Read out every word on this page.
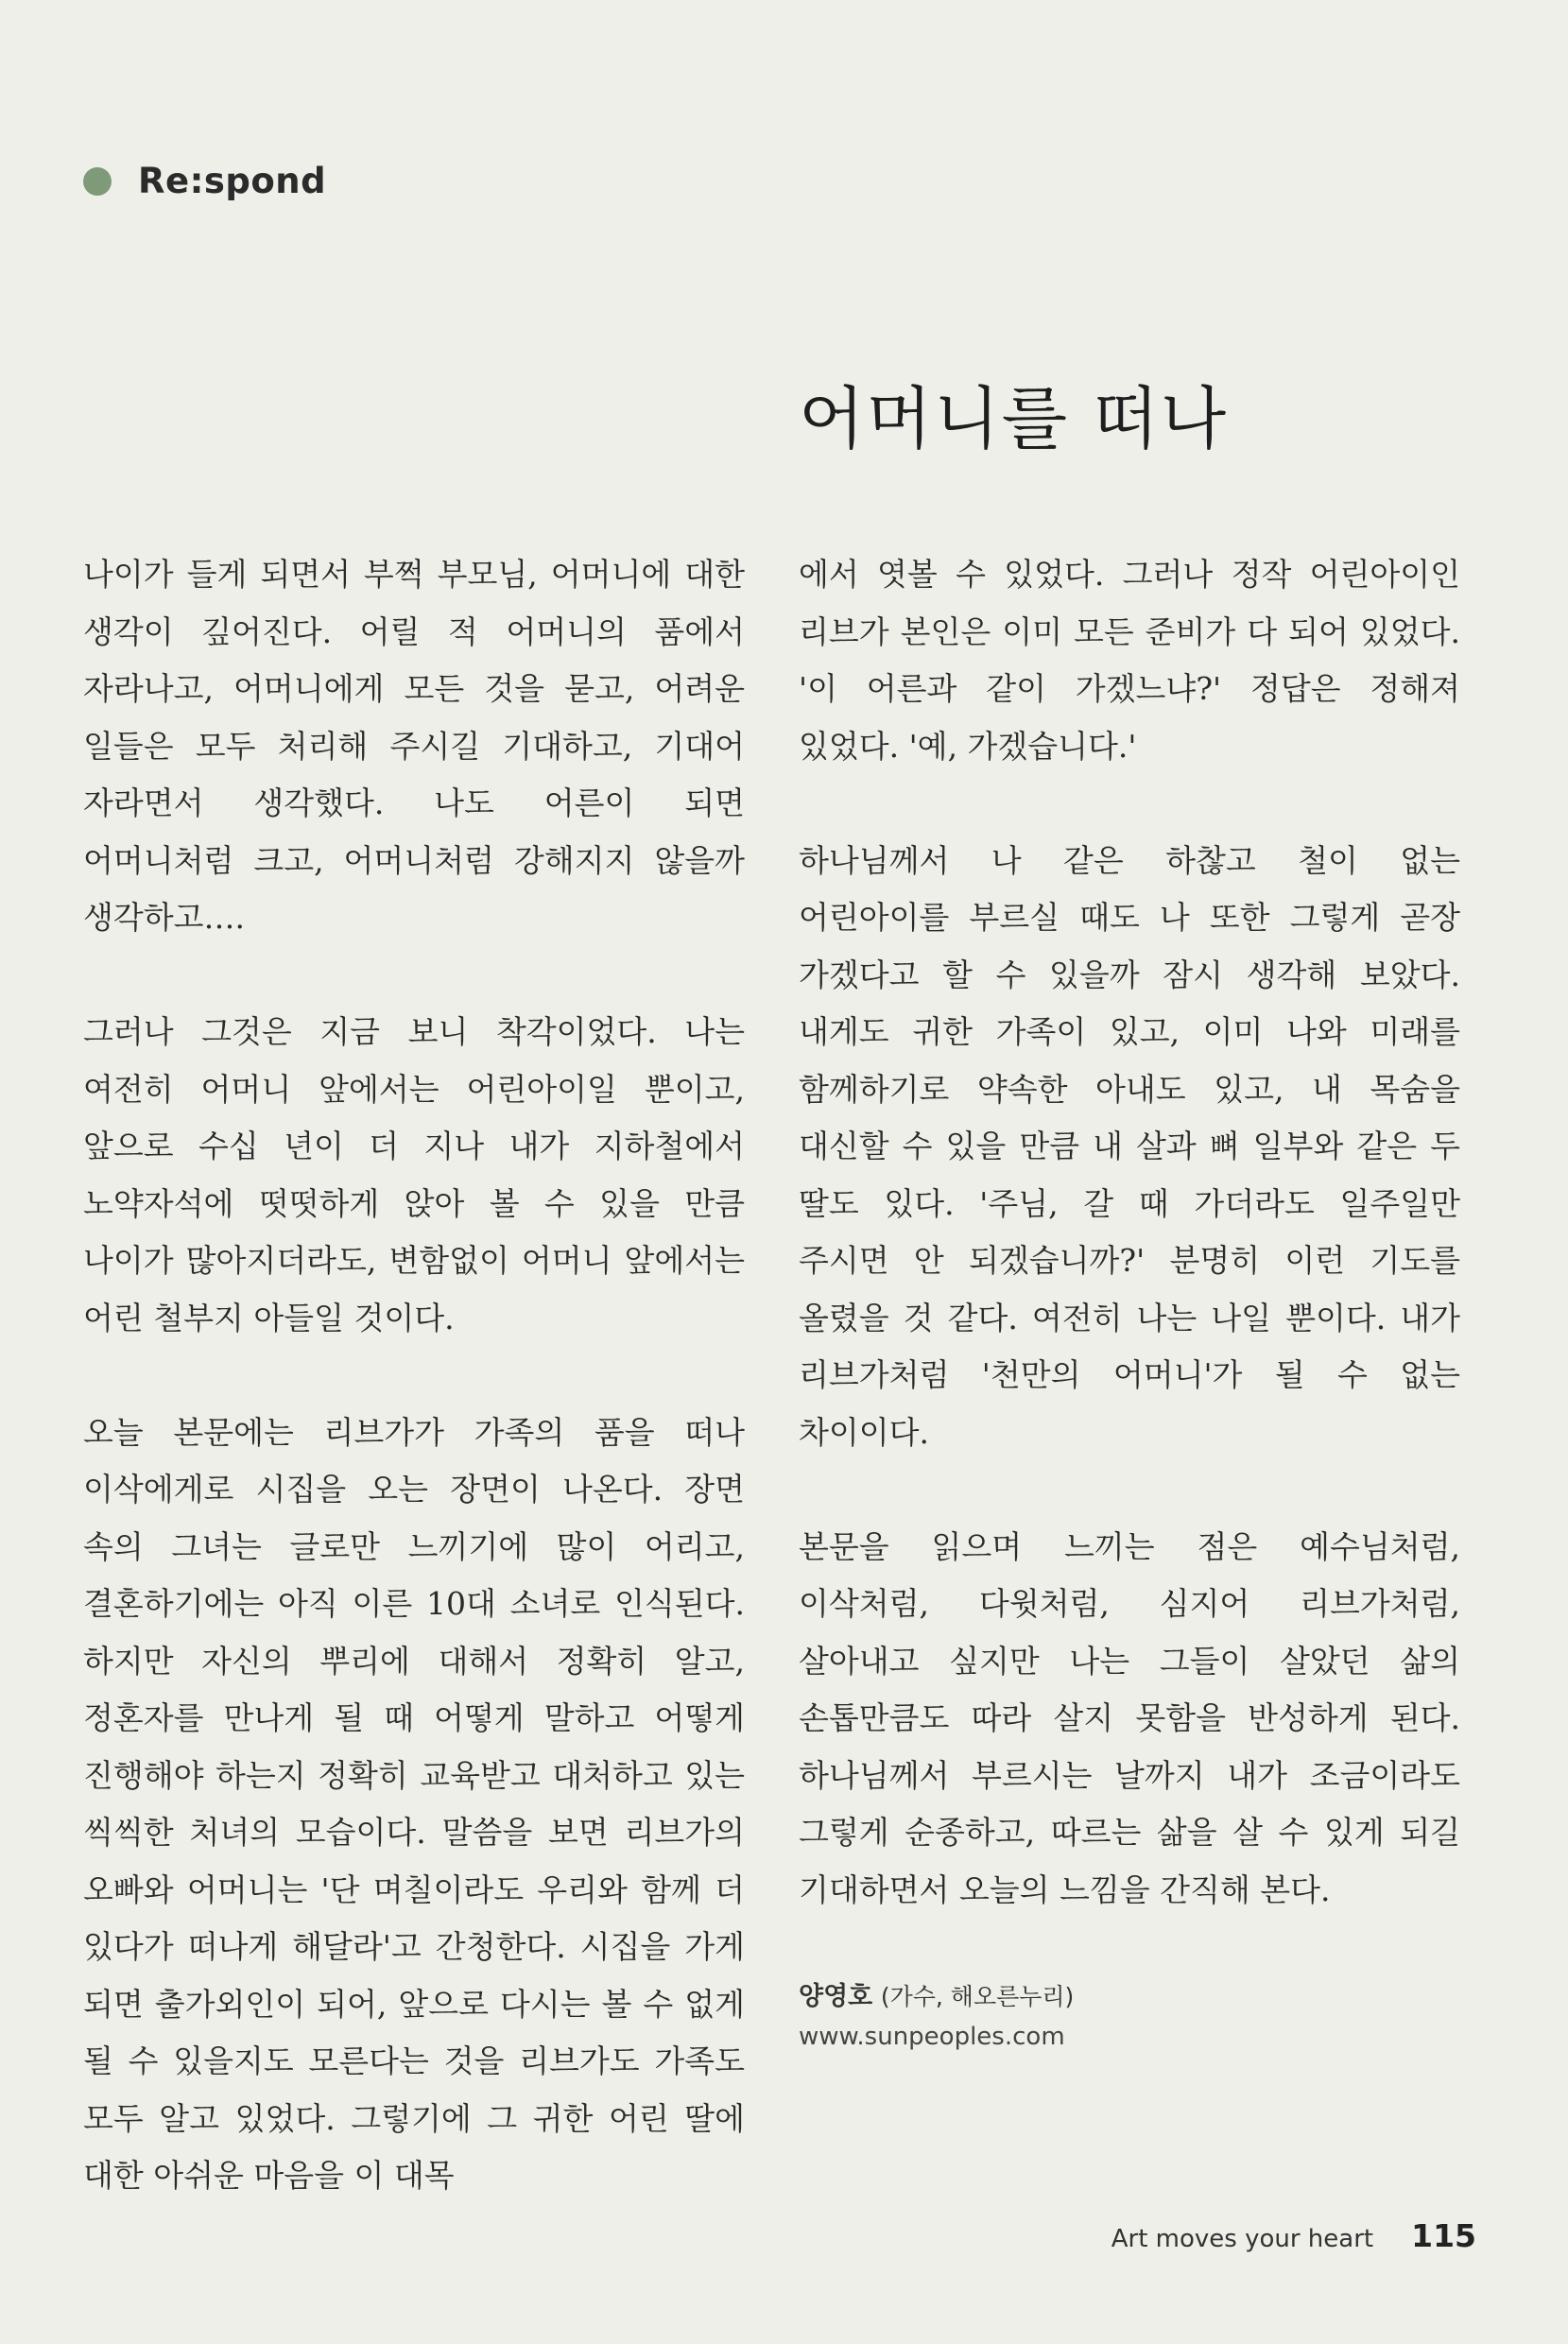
Re:spond
어머니를 떠나

나이가 들게 되면서 부쩍 부모님, 어머니에 대한 생각이 깊어진다. 어릴 적 어머니의 품에서 자라나고, 어머니에게 모든 것을 묻고, 어려운 일들은 모두 처리해 주시길 기대하고, 기대어 자라면서 생각했다. 나도 어른이 되면 어머니처럼 크고, 어머니처럼 강해지지 않을까 생각하고….

그러나 그것은 지금 보니 착각이었다. 나는 여전히 어머니 앞에서는 어린아이일 뿐이고, 앞으로 수십 년이 더 지나 내가 지하철에서 노약자석에 떳떳하게 앉아 볼 수 있을 만큼 나이가 많아지더라도, 변함없이 어머니 앞에서는 어린 철부지 아들일 것이다.

오늘 본문에는 리브가가 가족의 품을 떠나 이삭에게로 시집을 오는 장면이 나온다. 장면 속의 그녀는 글로만 느끼기에 많이 어리고, 결혼하기에는 아직 이른 10대 소녀로 인식된다. 하지만 자신의 뿌리에 대해서 정확히 알고, 정혼자를 만나게 될 때 어떻게 말하고 어떻게 진행해야 하는지 정확히 교육받고 대처하고 있는 씩씩한 처녀의 모습이다. 말씀을 보면 리브가의 오빠와 어머니는 '단 며칠이라도 우리와 함께 더 있다가 떠나게 해달라'고 간청한다. 시집을 가게 되면 출가외인이 되어, 앞으로 다시는 볼 수 없게 될 수 있을지도 모른다는 것을 리브가도 가족도 모두 알고 있었다. 그렇기에 그 귀한 어린 딸에 대한 아쉬운 마음을 이 대목

에서 엿볼 수 있었다. 그러나 정작 어린아이인 리브가 본인은 이미 모든 준비가 다 되어 있었다. '이 어른과 같이 가겠느냐?' 정답은 정해져 있었다. '예, 가겠습니다.'

하나님께서 나 같은 하찮고 철이 없는 어린아이를 부르실 때도 나 또한 그렇게 곧장 가겠다고 할 수 있을까 잠시 생각해 보았다. 내게도 귀한 가족이 있고, 이미 나와 미래를 함께하기로 약속한 아내도 있고, 내 목숨을 대신할 수 있을 만큼 내 살과 뼈 일부와 같은 두 딸도 있다. '주님, 갈 때 가더라도 일주일만 주시면 안 되겠습니까?' 분명히 이런 기도를 올렸을 것 같다. 여전히 나는 나일 뿐이다. 내가 리브가처럼 '천만의 어머니'가 될 수 없는 차이이다.

본문을 읽으며 느끼는 점은 예수님처럼, 이삭처럼, 다윗처럼, 심지어 리브가처럼, 살아내고 싶지만 나는 그들이 살았던 삶의 손톱만큼도 따라 살지 못함을 반성하게 된다. 하나님께서 부르시는 날까지 내가 조금이라도 그렇게 순종하고, 따르는 삶을 살 수 있게 되길 기대하면서 오늘의 느낌을 간직해 본다.

양영호 (가수, 해오른누리)
www.sunpeoples.com
Art moves your heart 115
